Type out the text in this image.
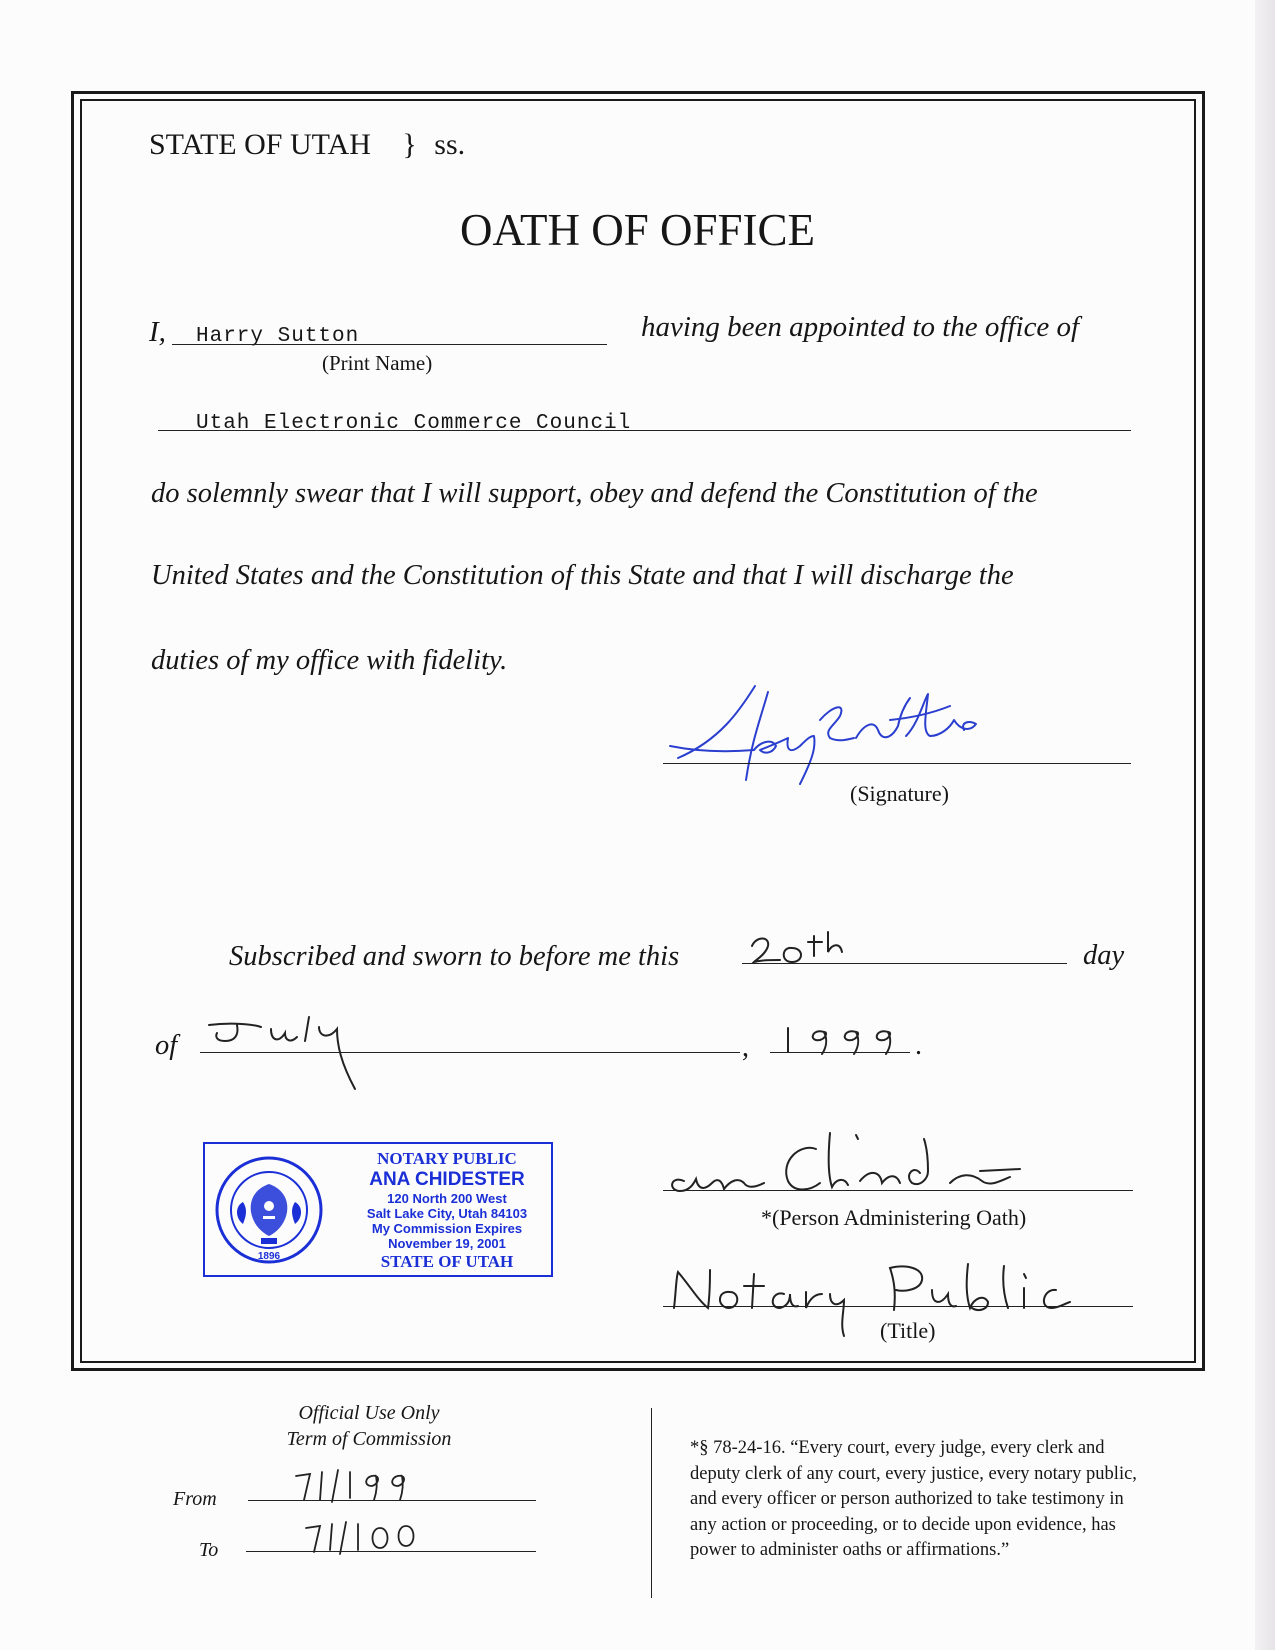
STATE OF UTAH } ss.
OATH OF OFFICE
I, Harry Sutton
(Print Name)
having been appointed to the office of
Utah Electronic Commerce Council
do solemnly swear that I will support, obey and defend the Constitution of the
United States and the Constitution of this State and that I will discharge the
duties of my office with fidelity.
(Signature)
Subscribed and sworn to before me this	day
of	,	.
1896
NOTARY PUBLIC
ANA CHIDESTER
120 North 200 West
Salt Lake City, Utah 84103
My Commission Expires
November 19, 2001
STATE OF UTAH
*(Person Administering Oath)
(Title)
Official Use Only
Term of Commission
From
To
*§ 78-24-16. “Every court, every judge, every clerk and
deputy clerk of any court, every justice, every notary public,
and every officer or person authorized to take testimony in
any action or proceeding, or to decide upon evidence, has
power to administer oaths or affirmations.”
